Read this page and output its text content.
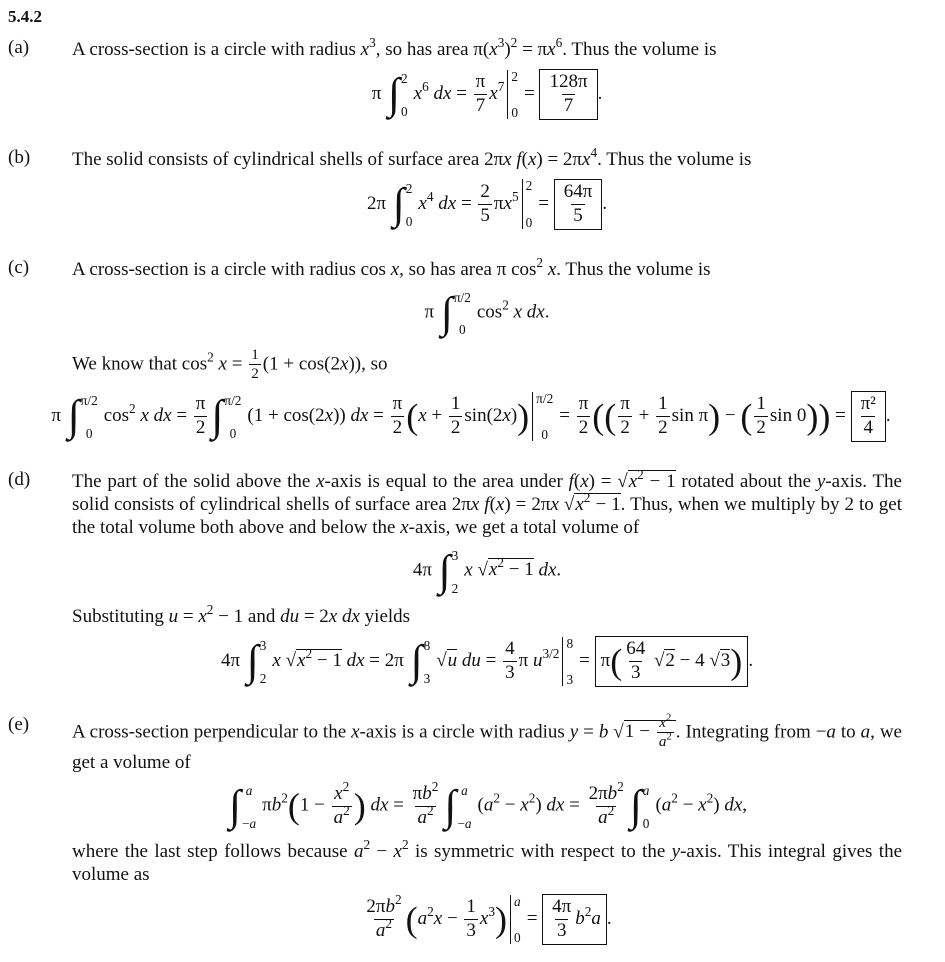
5.4.2
(a)	A cross-section is a circle with radius $x^3$, so has area $\pi(x^3)^2 = \pi x^6$. Thus the volume is
π ∫ 2
0
$x^6$ dx = $\frac{\pi}{7} x^7$
2
0
= $\frac{128\pi}{7}$ .
(b)	The solid consists of cylindrical shells of surface area 2πx $f(x) = 2\pi x^4$. Thus the volume is
2π ∫ 2
0
$x^4$ dx = $\frac{2}{5} \pi x^5$
2
0
= $\frac{64\pi}{5}$ .
(c)	A cross-section is a circle with radius cos x, so has area π $\cos^2 x$. Thus the volume is
π ∫ π/2
0
$\cos^2 x$ dx.
We know that $\cos^2 x = \frac{1}{2} (1 + \cos(2x))$, so
π ∫ π/2
0
$\cos^2 x$ dx = $\frac{\pi}{2}$ ∫ π/2
0
(1 + cos(2x)) dx = $\frac{\pi}{2} (x + \frac{1}{2} \sin(2x))$ π/2
0
= $\frac{\pi}{2}$ (( $\frac{\pi}{2} + \frac{1}{2}$ sin π) − ( $\frac{1}{2}$ $\sin 0)) = \frac{\text{π²}}{4}$ .
(d)	The part of the solid above the x-axis is equal to the area under $f(x) = √x^2 - 1$ rotated about the y-axis. The solid consists of cylindrical shells of surface area 2πx f(x) = 2πx $√x^2 - 1$. Thus, when we multiply by 2 to get the total volume both above and below the x-axis, we get a total volume of
4π ∫ 3
2
x $√x^2 - 1$ dx.
Substituting $u = x^2 - 1$ and du = 2x dx yields
4π ∫ 3
2
x $√x^2 - 1$ dx = 2π ∫ 8
3
√u du = $\frac{4}{3}$ π $u^{3/2}$
8
3
= $\pi( \frac{64}{3} √2 - 4$ √3) .
(e)	A cross-section perpendicular to the x-axis is a circle with radius y = b $√1 - \frac{x^2}{a^2}$ . Integrating from −a to a, we get a volume of
∫ a
−a
$\pi b^2(1 - \frac{x^2}{a^2}$ ) dx = $\frac{\pi b^2}{a^2}$ ∫ a
−a
$(a^2 - x^2)$ dx = $\frac{2\pi b^2}{a^2}$ ∫ a
0
$(a^2 - x^2)$ dx,
where the last step follows because $a^2 - x^2$ is symmetric with respect to the y-axis. This integral gives the volume as
$\frac{2\pi b^2}{a^2} (a^2x - \frac{1}{3} x^3)$ a
0
= $\frac{4\pi}{3} b^2a$ .
